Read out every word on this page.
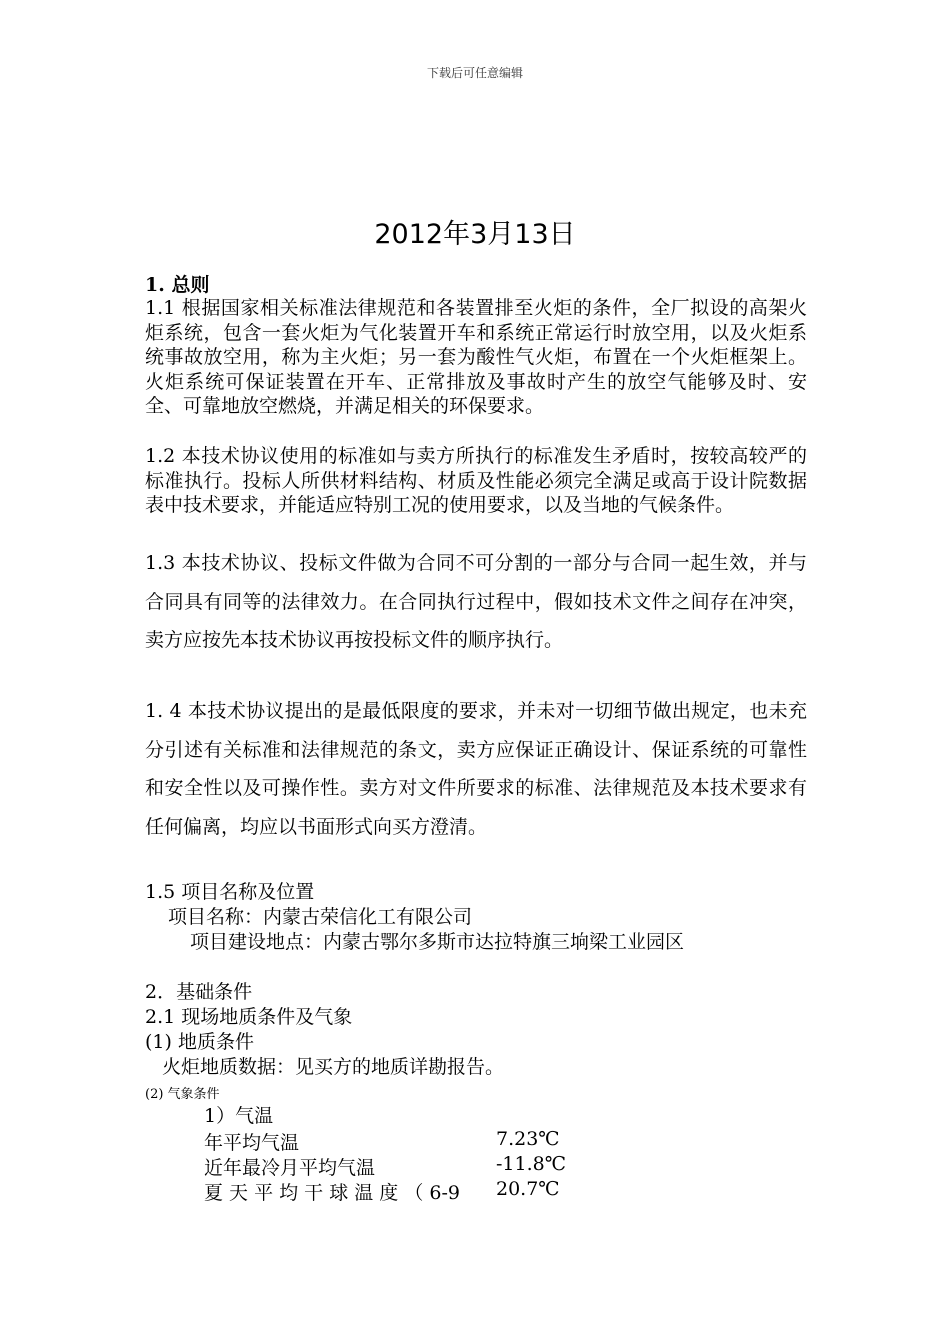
下载后可任意编辑
2012年3月13日
1. 总则
1.1 根据国家相关标准法律规范和各装置排至火炬的条件，全厂拟设的高架火炬系统，包含一套火炬为气化装置开车和系统正常运行时放空用，以及火炬系统事故放空用，称为主火炬；另一套为酸性气火炬，布置在一个火炬框架上。火炬系统可保证装置在开车、正常排放及事故时产生的放空气能够及时、安全、可靠地放空燃烧，并满足相关的环保要求。
1.2 本技术协议使用的标准如与卖方所执行的标准发生矛盾时，按较高较严的标准执行。投标人所供材料结构、材质及性能必须完全满足或高于设计院数据表中技术要求，并能适应特别工况的使用要求，以及当地的气候条件。
1.3 本技术协议、投标文件做为合同不可分割的一部分与合同一起生效，并与合同具有同等的法律效力。在合同执行过程中，假如技术文件之间存在冲突，卖方应按先本技术协议再按投标文件的顺序执行。
1. 4 本技术协议提出的是最低限度的要求，并未对一切细节做出规定，也未充分引述有关标准和法律规范的条文，卖方应保证正确设计、保证系统的可靠性和安全性以及可操作性。卖方对文件所要求的标准、法律规范及本技术要求有任何偏离，均应以书面形式向买方澄清。
1.5 项目名称及位置
项目名称：内蒙古荣信化工有限公司
项目建设地点：内蒙古鄂尔多斯市达拉特旗三垧梁工业园区
2．基础条件
2.1 现场地质条件及气象
(1) 地质条件
火炬地质数据：见买方的地质详勘报告。
(2) 气象条件
1）气温
年平均气温	7.23℃
近年最冷月平均气温	-11.8℃
夏 天 平 均 干 球 温 度 （ 6-9 20.7℃
